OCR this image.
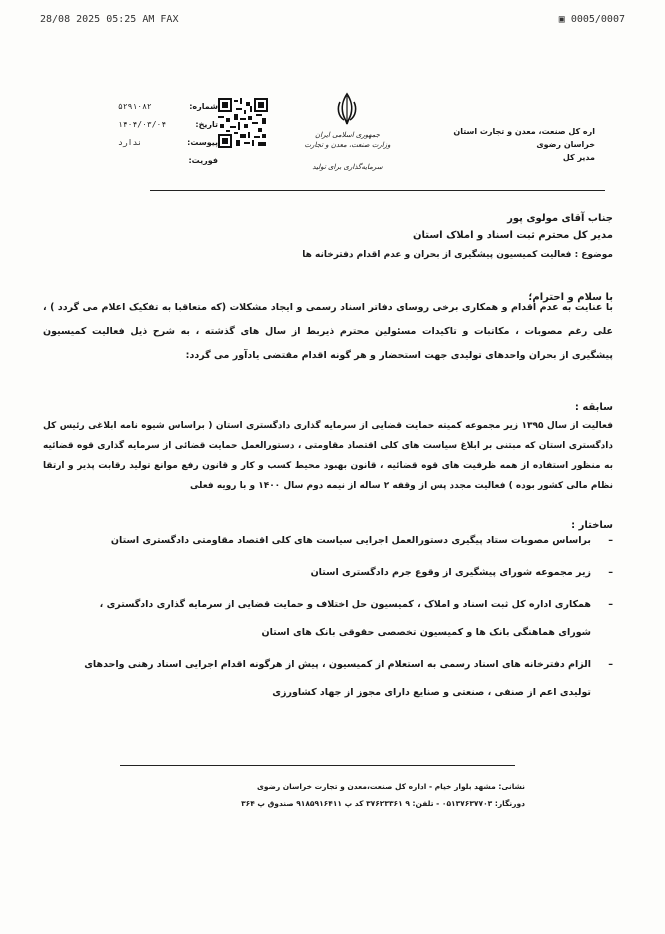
28/08 2025 05:25 AM FAX	▣ 0005/0007
اره کل صنعت، معدن و تجارت استان خراسان رضوی
مدیر کل
جمهوری اسلامی ایران
وزارت صنعت، معدن و تجارت
سرمایه‌گذاری برای تولید
شماره:
۵۲۹۱۰۸۲
تاریخ:
۱۴۰۴/۰۳/۰۴
پیوست:
ندارد
فوریت:
جناب آقای مولوی پور
مدیر کل محترم ثبت اسناد و املاک استان
موضوع : فعالیت کمیسیون پیشگیری از بحران و عدم اقدام دفترخانه ها
با سلام و احترام؛
با عنایت به عدم اقدام و همکاری برخی روسای دفاتر اسناد رسمی و ایجاد مشکلات (که متعاقبا به تفکیک اعلام می گردد ) ، علی رغم مصوبات ، مکاتبات و تاکیدات مسئولین محترم ذیربط از سال های گذشته ، به شرح ذیل فعالیت کمیسیون پیشگیری از بحران واحدهای تولیدی جهت استحضار و هر گونه اقدام مقتضی یادآور می گردد:
سابقه :
فعالیت از سال ۱۳۹۵ زیر مجموعه کمیته حمایت قضایی از سرمایه گذاری دادگستری استان ( براساس شیوه نامه ابلاغی رئیس کل دادگستری استان که مبتنی بر ابلاغ سیاست های کلی اقتصاد مقاومتی ، دستورالعمل حمایت قضائی از سرمایه گذاری قوه قضائیه به منظور استفاده از همه ظرفیت های قوه قضائیه ، قانون بهبود محیط کسب و کار و قانون رفع موانع تولید رقابت پذیر و ارتقا نظام مالی کشور بوده ) فعالیت مجدد پس از وقفه ۲ ساله از نیمه دوم سال ۱۴۰۰ و با رویه فعلی
ساختار :
– براساس مصوبات ستاد پیگیری دستورالعمل اجرایی سیاست های کلی اقتصاد مقاومتی دادگستری استان
– زیر مجموعه شورای پیشگیری از وقوع جرم دادگستری استان
– همکاری اداره کل ثبت اسناد و املاک ، کمیسیون حل اختلاف و حمایت قضایی از سرمایه گذاری دادگستری ، شورای هماهنگی بانک ها و کمیسیون تخصصی حقوقی بانک های استان
– الزام دفترخانه های اسناد رسمی به استعلام از کمیسیون ، پیش از هرگونه اقدام اجرایی اسناد رهنی واحدهای تولیدی اعم از صنفی ، صنعتی و صنایع دارای مجوز از جهاد کشاورزی
نشانی: مشهد بلوار خیام - اداره کل صنعت،معدن و تجارت خراسان رضوی
دورنگار: ۰۵۱۳۷۶۳۷۷۰۳ - تلفن: ۹ ۳۷۶۲۳۳۶۱ کد پ ۹۱۸۵۹۱۶۴۱۱ صندوق پ ۳۶۴
